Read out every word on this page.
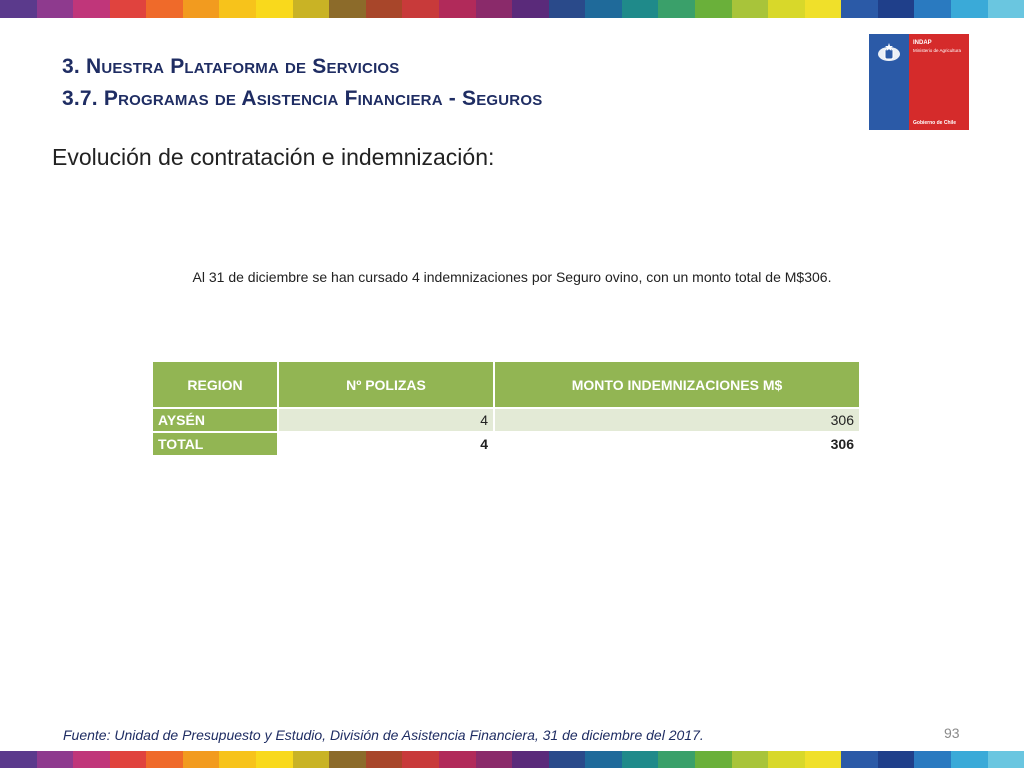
3. Nuestra Plataforma de Servicios
3.7. Programas de Asistencia Financiera - Seguros
INDAP
Ministerio de Agricultura
Gobierno de Chile

Evolución de contratación e indemnización:

Al 31 de diciembre se han cursado 4 indemnizaciones por Seguro ovino, con un monto total de M$306.
REGION	Nº POLIZAS	MONTO INDEMNIZACIONES M$
AYSÉN	4	306
TOTAL	4	306

Fuente: Unidad de Presupuesto y Estudio, División de Asistencia Financiera, 31 de diciembre del 2017.	93
